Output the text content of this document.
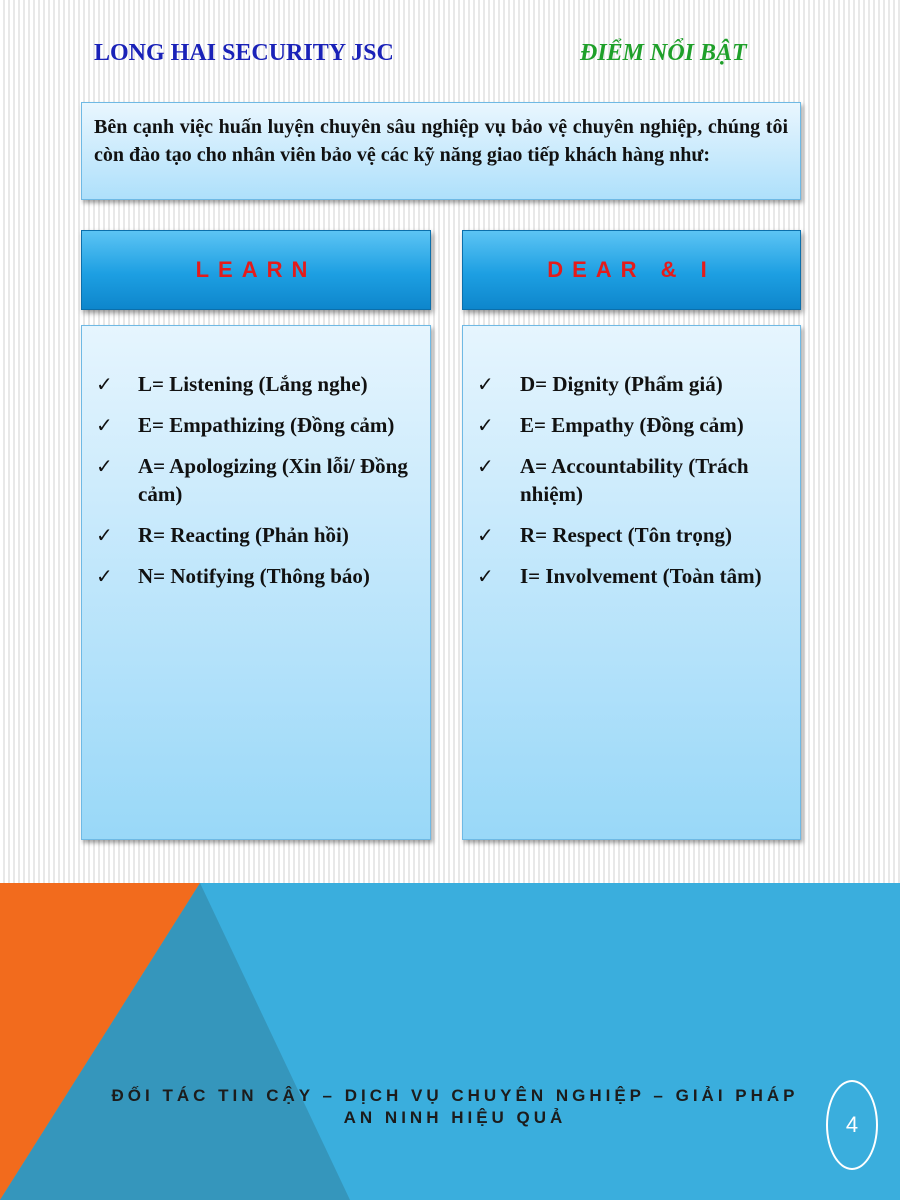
LONG HAI SECURITY JSC	ĐIỂM NỔI BẬT
Bên cạnh việc huấn luyện chuyên sâu nghiệp vụ bảo vệ chuyên nghiệp, chúng tôi còn đào tạo cho nhân viên bảo vệ các kỹ năng giao tiếp khách hàng như:
LEARN	DEAR & I
✓ L= Listening (Lắng nghe)
✓ E= Empathizing (Đồng cảm)
✓ A= Apologizing (Xin lỗi/ Đồng cảm)
✓ R= Reacting (Phản hồi)
✓ N= Notifying (Thông báo)
✓ D= Dignity (Phẩm giá)
✓ E= Empathy (Đồng cảm)
✓ A= Accountability (Trách nhiệm)
✓ R= Respect (Tôn trọng)
✓ I= Involvement (Toàn tâm)
ĐỐI TÁC TIN CẬY – DỊCH VỤ CHUYÊN NGHIỆP – GIẢI PHÁP AN NINH HIỆU QUẢ	4
